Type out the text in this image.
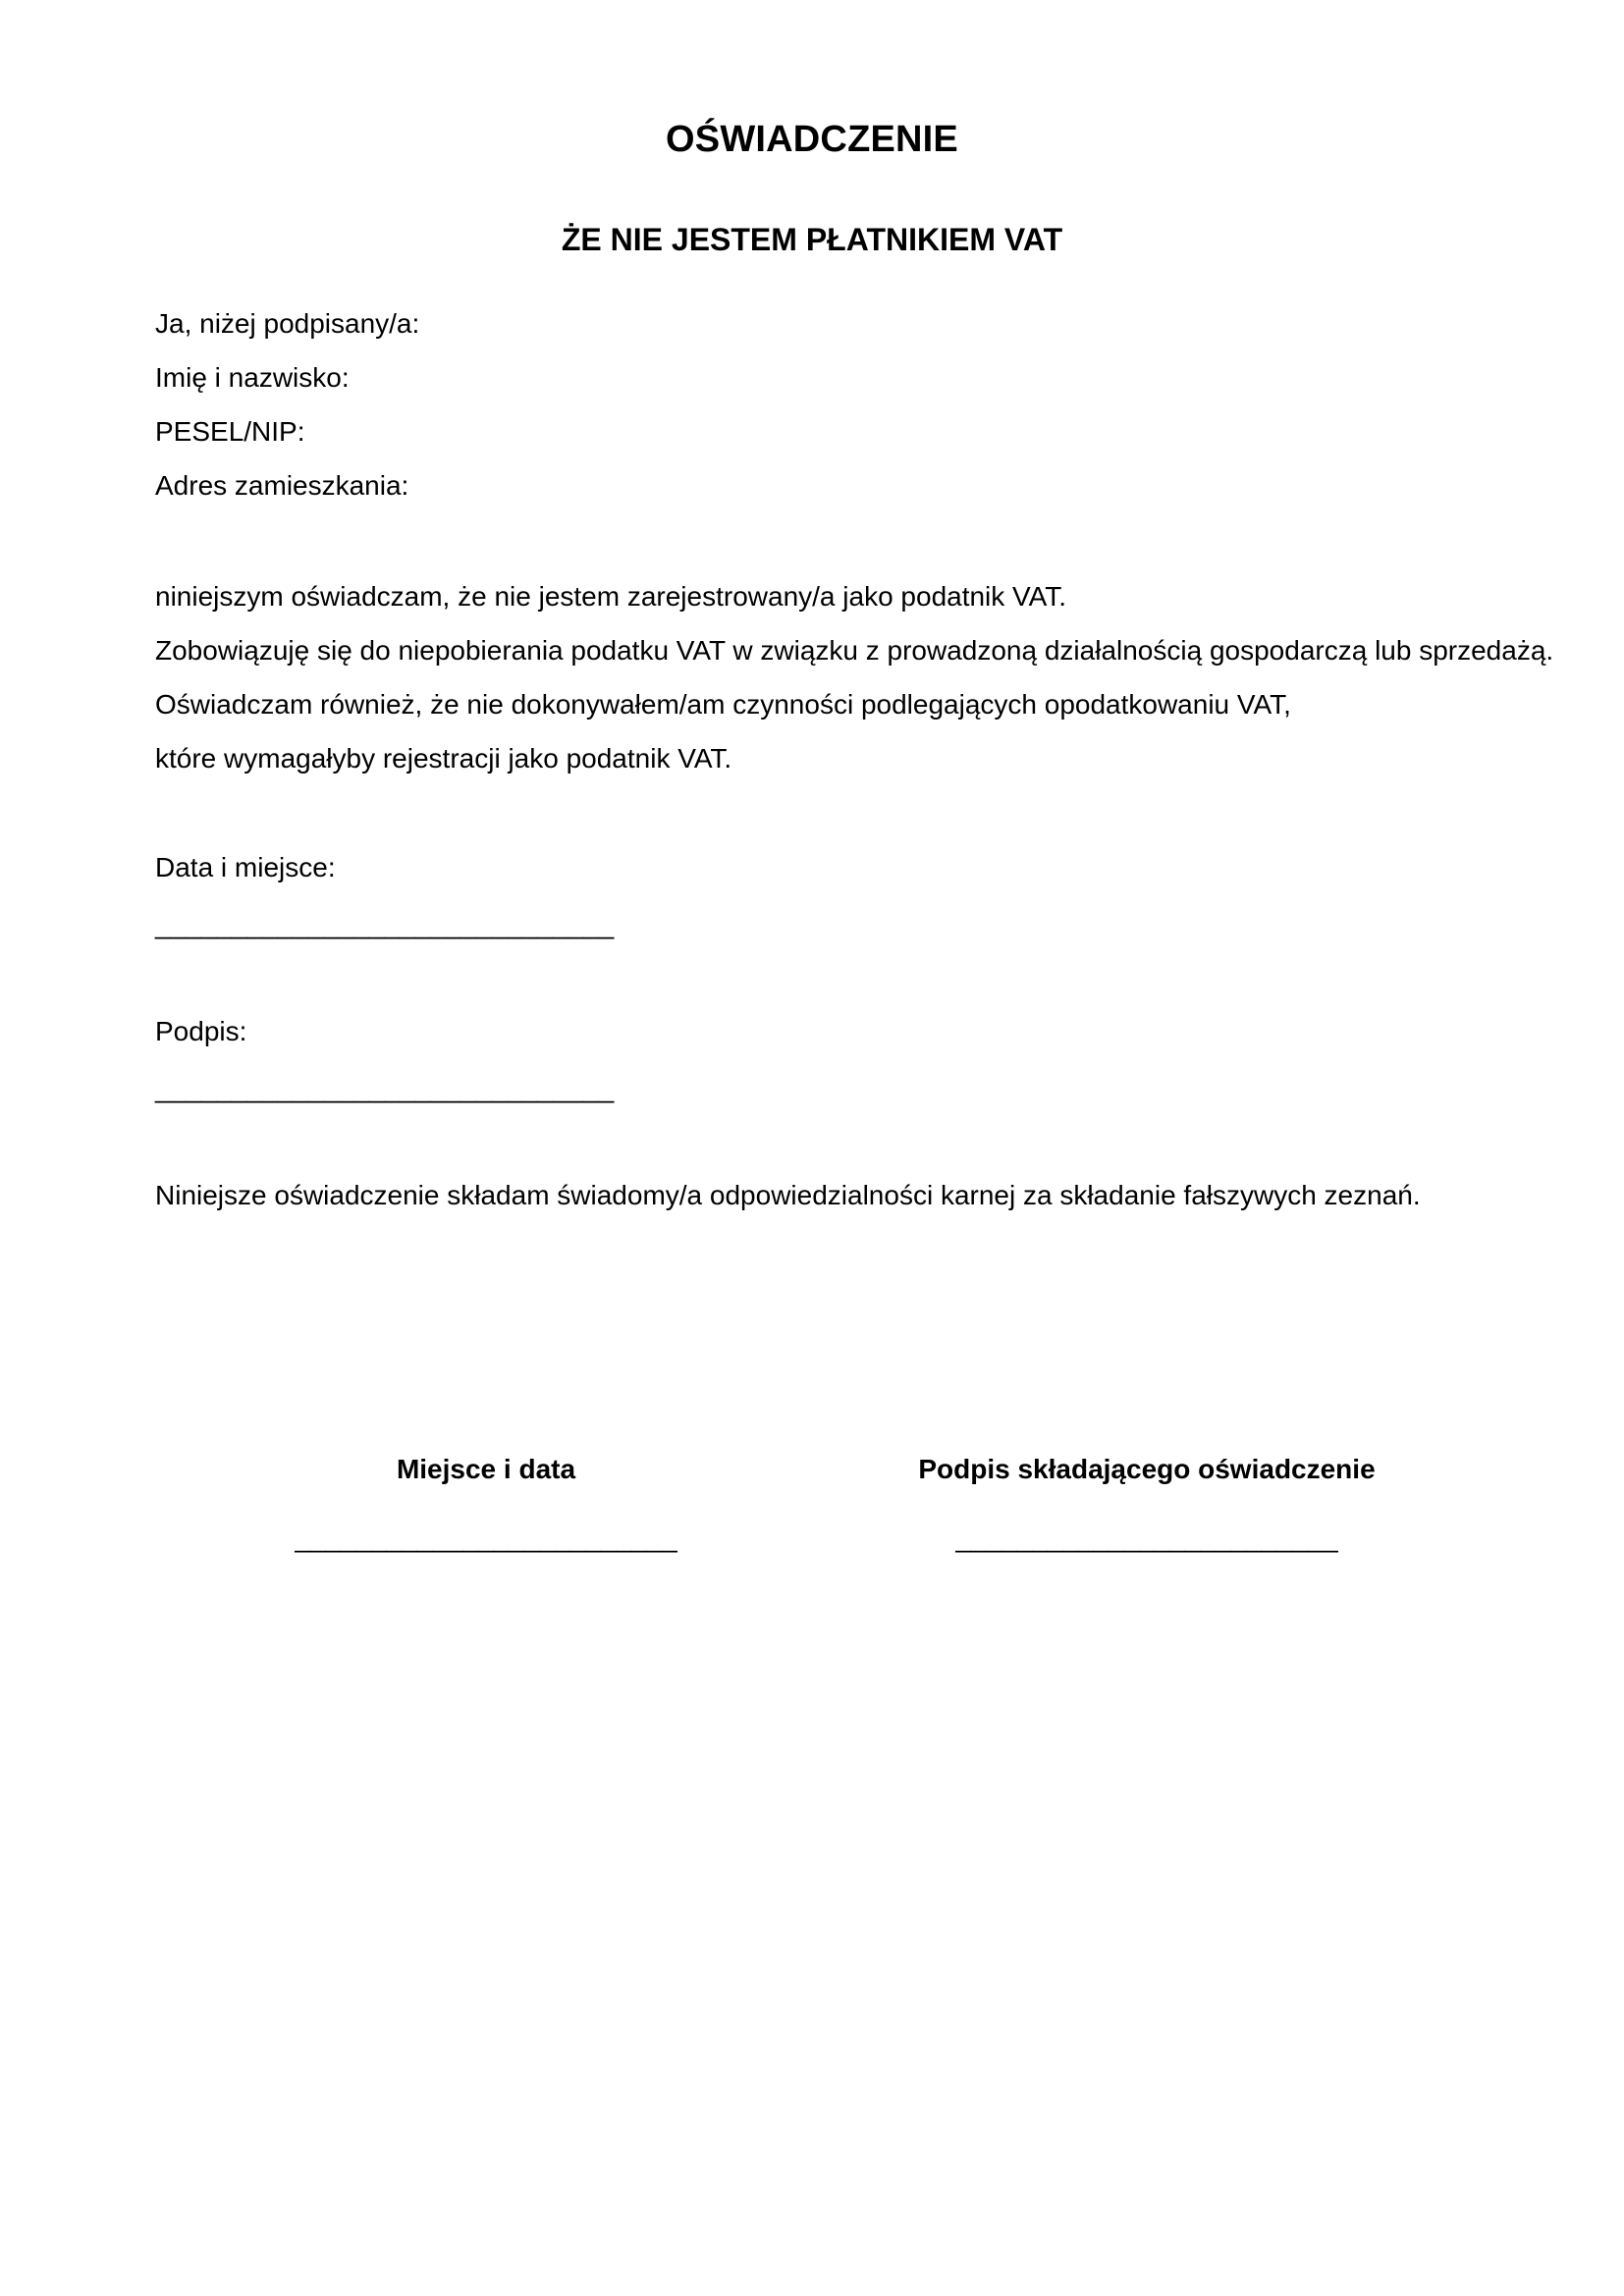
OŚWIADCZENIE
ŻE NIE JESTEM PŁATNIKIEM VAT
Ja, niżej podpisany/a:
Imię i nazwisko:
PESEL/NIP:
Adres zamieszkania:
niniejszym oświadczam, że nie jestem zarejestrowany/a jako podatnik VAT.
Zobowiązuję się do niepobierania podatku VAT w związku z prowadzoną działalnością gospodarczą lub sprzedażą.
Oświadczam również, że nie dokonywałem/am czynności podlegających opodatkowaniu VAT,
które wymagałyby rejestracji jako podatnik VAT.
Data i miejsce:
______________________________
Podpis:
______________________________
Niniejsze oświadczenie składam świadomy/a odpowiedzialności karnej za składanie fałszywych zeznań.
Miejsce i data
_________________________
Podpis składającego oświadczenie
_________________________
